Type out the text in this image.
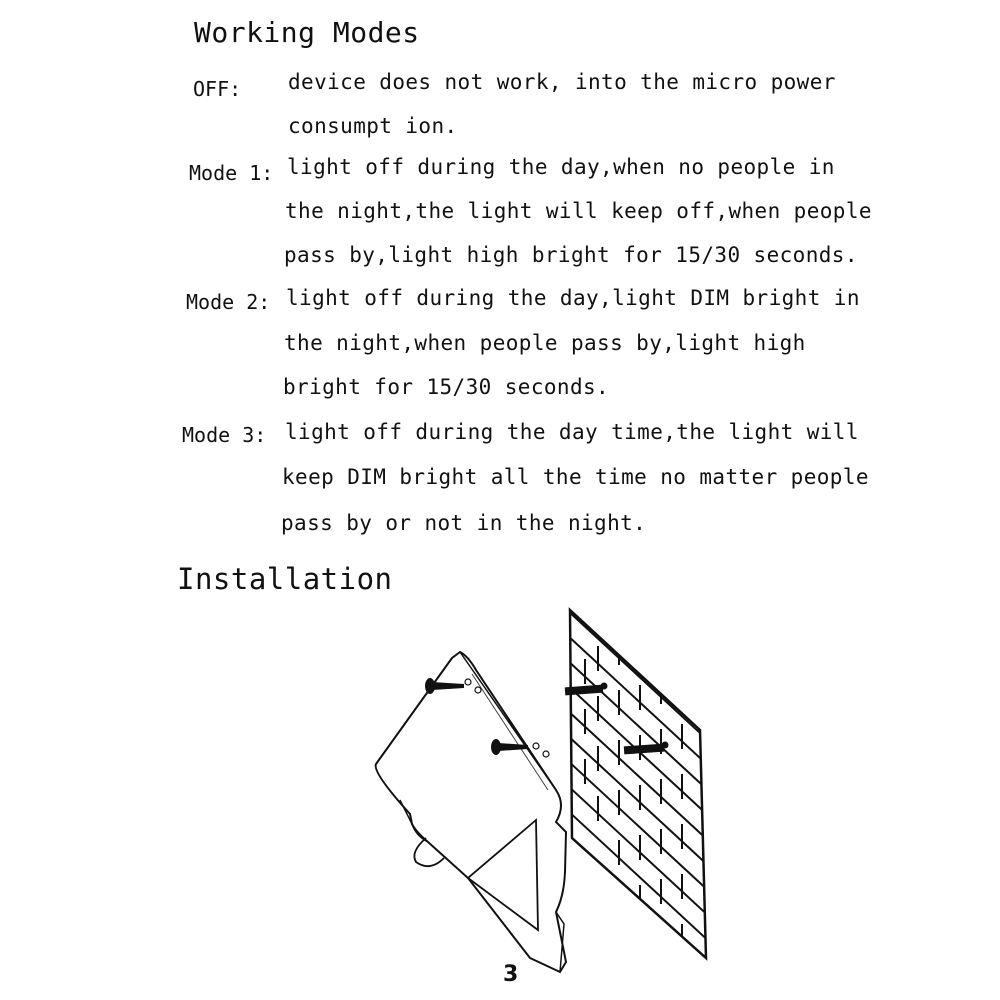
Working Modes
OFF: device does not work, into the micro power
consumpt ion.
Mode 1: light off during the day,when no people in
the night,the light will keep off,when people
pass by,light high bright for 15/30 seconds.
Mode 2: light off during the day,light DIM bright in
the night,when people pass by,light high
bright for 15/30 seconds.
Mode 3: light off during the day time,the light will
keep DIM bright all the time no matter people
pass by or not in the night.
Installation
3
